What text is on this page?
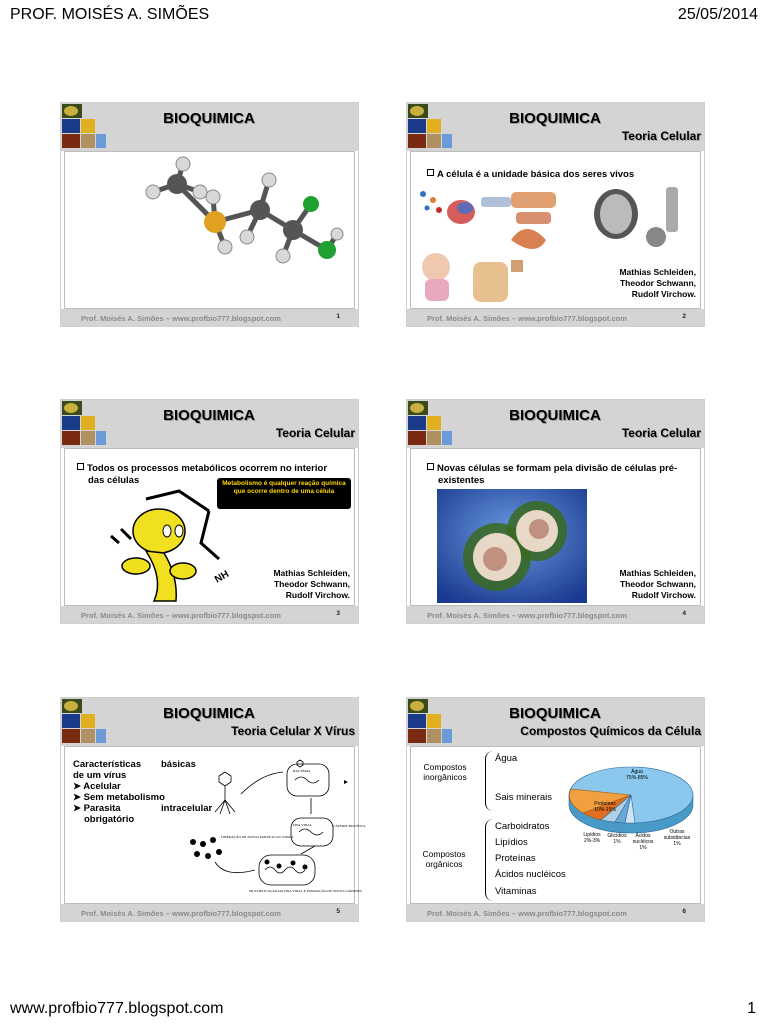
PROF. MOISÉS A. SIMÕES	25/05/2014
www.profbio777.blogspot.com	1
BIOQUIMICA
Prof. Moisés A. Simões – www.profbio777.blogspot.com	1
BIOQUIMICA
Teoria Celular
A célula é a unidade básica dos seres vivos
Mathias Schleiden,
Theodor Schwann,
Rudolf Virchow.
Prof. Moisés A. Simões – www.profbio777.blogspot.com	2
BIOQUIMICA
Teoria Celular
Todos os processos metabólicos ocorrem no interior
das células	Metabolismo é qualquer reação química que ocorre dentro de uma célula
NH	Mathias Schleiden,
Theodor Schwann,
Rudolf Virchow.
Prof. Moisés A. Simões – www.profbio777.blogspot.com	3
BIOQUIMICA
Teoria Celular
Novas células se formam pela divisão de células pré-
existentes
Mathias Schleiden,
Theodor Schwann,
Rudolf Virchow.
Prof. Moisés A. Simões – www.profbio777.blogspot.com	4
BIOQUIMICA
Teoria Celular X Vírus
Características básicas
de um vírus
➤ Acelular
➤ Sem metabolismo
➤ Parasita	intracelular
obrigatório
BACTÉRIA
CÁPSIDE PROTÉICA
DNA VIRAL
LIBERAÇÃO DE NOVAS PARTÍCULAS VIRAIS
MULTIPLICAÇÃO DO DNA VIRAL E FORMAÇÃO DE NOVAS CÁPSIDES
Prof. Moisés A. Simões – www.profbio777.blogspot.com	5
BIOQUIMICA
Compostos Químicos da Célula
Compostos
inorgânicos
Água
Sais minerais
Compostos
orgânicos
Carboidratos
Lipídios
Proteínas
Ácidos nucléicos
Vitaminas
Água
75%-85%
Proteínas
10%-15%
Lipídios
2%-3%
Glicídios
1%
Ácidos
nucléicos
1%
Outras
substâncias
1%
Prof. Moisés A. Simões – www.profbio777.blogspot.com	6
